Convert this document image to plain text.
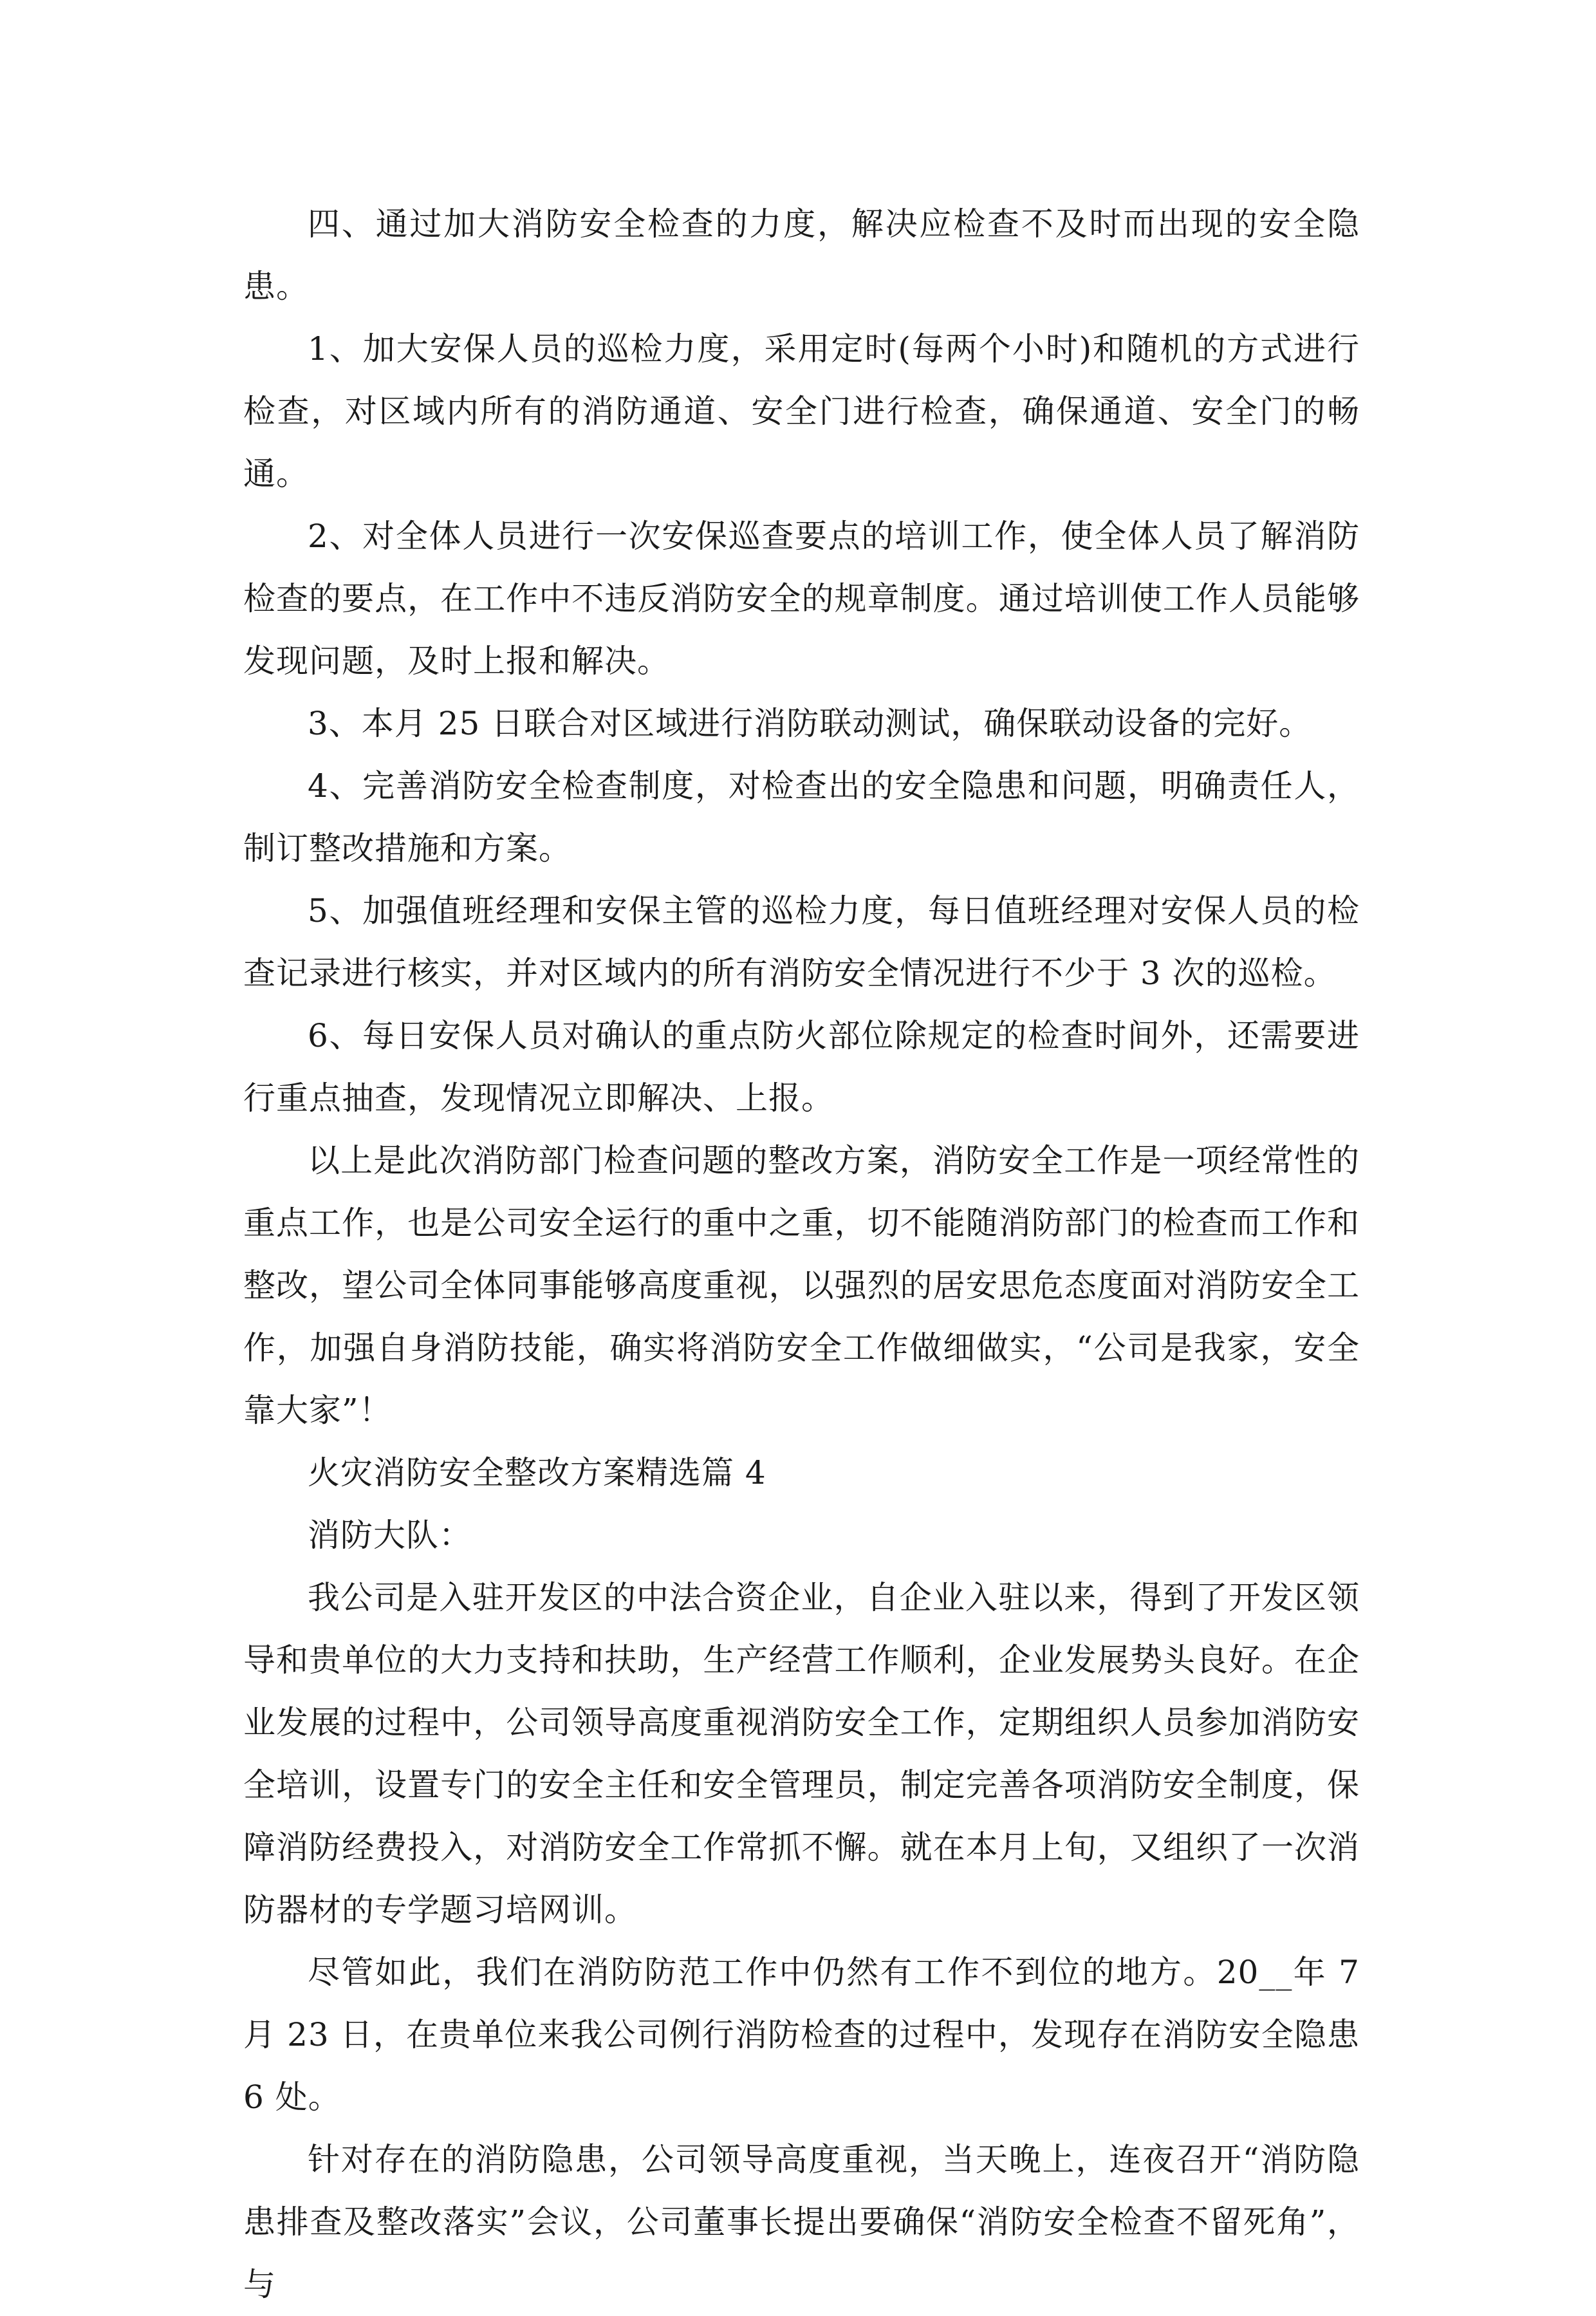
四、通过加大消防安全检查的力度，解决应检查不及时而出现的安全隐患。

1、加大安保人员的巡检力度，采用定时(每两个小时)和随机的方式进行检查，对区域内所有的消防通道、安全门进行检查，确保通道、安全门的畅通。

2、对全体人员进行一次安保巡查要点的培训工作，使全体人员了解消防检查的要点，在工作中不违反消防安全的规章制度。通过培训使工作人员能够发现问题，及时上报和解决。

3、本月 25 日联合对区域进行消防联动测试，确保联动设备的完好。

4、完善消防安全检查制度，对检查出的安全隐患和问题，明确责任人，制订整改措施和方案。

5、加强值班经理和安保主管的巡检力度，每日值班经理对安保人员的检查记录进行核实，并对区域内的所有消防安全情况进行不少于 3 次的巡检。

6、每日安保人员对确认的重点防火部位除规定的检查时间外，还需要进行重点抽查，发现情况立即解决、上报。

以上是此次消防部门检查问题的整改方案，消防安全工作是一项经常性的重点工作，也是公司安全运行的重中之重，切不能随消防部门的检查而工作和整改，望公司全体同事能够高度重视，以强烈的居安思危态度面对消防安全工作，加强自身消防技能，确实将消防安全工作做细做实，“公司是我家，安全靠大家”！

火灾消防安全整改方案精选篇 4

消防大队：

我公司是入驻开发区的中法合资企业，自企业入驻以来，得到了开发区领导和贵单位的大力支持和扶助，生产经营工作顺利，企业发展势头良好。在企业发展的过程中，公司领导高度重视消防安全工作，定期组织人员参加消防安全培训，设置专门的安全主任和安全管理员，制定完善各项消防安全制度，保障消防经费投入，对消防安全工作常抓不懈。就在本月上旬，又组织了一次消防器材的专学题习培网训。

尽管如此，我们在消防防范工作中仍然有工作不到位的地方。20__年 7 月 23 日，在贵单位来我公司例行消防检查的过程中，发现存在消防安全隐患 6 处。

针对存在的消防隐患，公司领导高度重视，当天晚上，连夜召开“消防隐患排查及整改落实”会议，公司董事长提出要确保“消防安全检查不留死角”，与
